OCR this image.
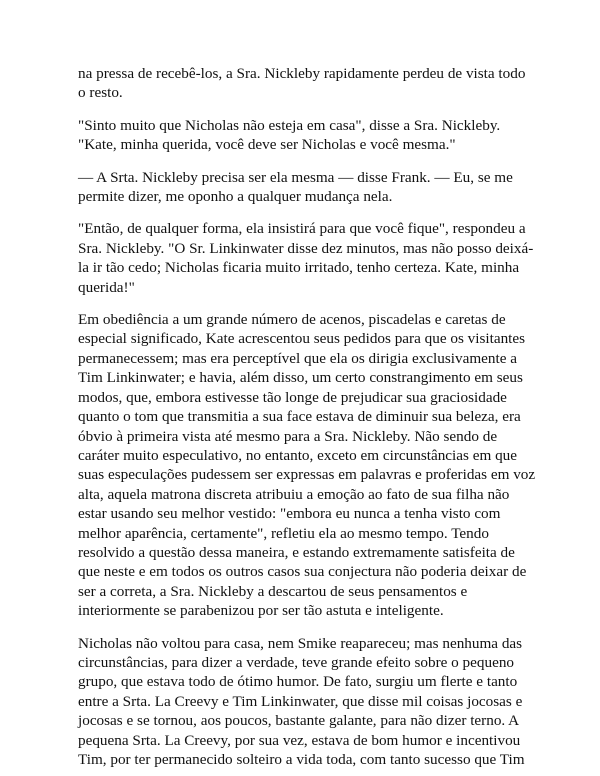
na pressa de recebê-los, a Sra. Nickleby rapidamente perdeu de vista todo o resto.

"Sinto muito que Nicholas não esteja em casa", disse a Sra. Nickleby. "Kate, minha querida, você deve ser Nicholas e você mesma."

— A Srta. Nickleby precisa ser ela mesma — disse Frank. — Eu, se me permite dizer, me oponho a qualquer mudança nela.

"Então, de qualquer forma, ela insistirá para que você fique", respondeu a Sra. Nickleby. "O Sr. Linkinwater disse dez minutos, mas não posso deixá-la ir tão cedo; Nicholas ficaria muito irritado, tenho certeza. Kate, minha querida!"

Em obediência a um grande número de acenos, piscadelas e caretas de especial significado, Kate acrescentou seus pedidos para que os visitantes permanecessem; mas era perceptível que ela os dirigia exclusivamente a Tim Linkinwater; e havia, além disso, um certo constrangimento em seus modos, que, embora estivesse tão longe de prejudicar sua graciosidade quanto o tom que transmitia a sua face estava de diminuir sua beleza, era óbvio à primeira vista até mesmo para a Sra. Nickleby. Não sendo de caráter muito especulativo, no entanto, exceto em circunstâncias em que suas especulações pudessem ser expressas em palavras e proferidas em voz alta, aquela matrona discreta atribuiu a emoção ao fato de sua filha não estar usando seu melhor vestido: "embora eu nunca a tenha visto com melhor aparência, certamente", refletiu ela ao mesmo tempo. Tendo resolvido a questão dessa maneira, e estando extremamente satisfeita de que neste e em todos os outros casos sua conjectura não poderia deixar de ser a correta, a Sra. Nickleby a descartou de seus pensamentos e interiormente se parabenizou por ser tão astuta e inteligente.

Nicholas não voltou para casa, nem Smike reapareceu; mas nenhuma das circunstâncias, para dizer a verdade, teve grande efeito sobre o pequeno grupo, que estava todo de ótimo humor. De fato, surgiu um flerte e tanto entre a Srta. La Creevy e Tim Linkinwater, que disse mil coisas jocosas e jocosas e se tornou, aos poucos, bastante galante, para não dizer terno. A pequena Srta. La Creevy, por sua vez, estava de bom humor e incentivou Tim, por ter permanecido solteiro a vida toda, com tanto sucesso que Tim
